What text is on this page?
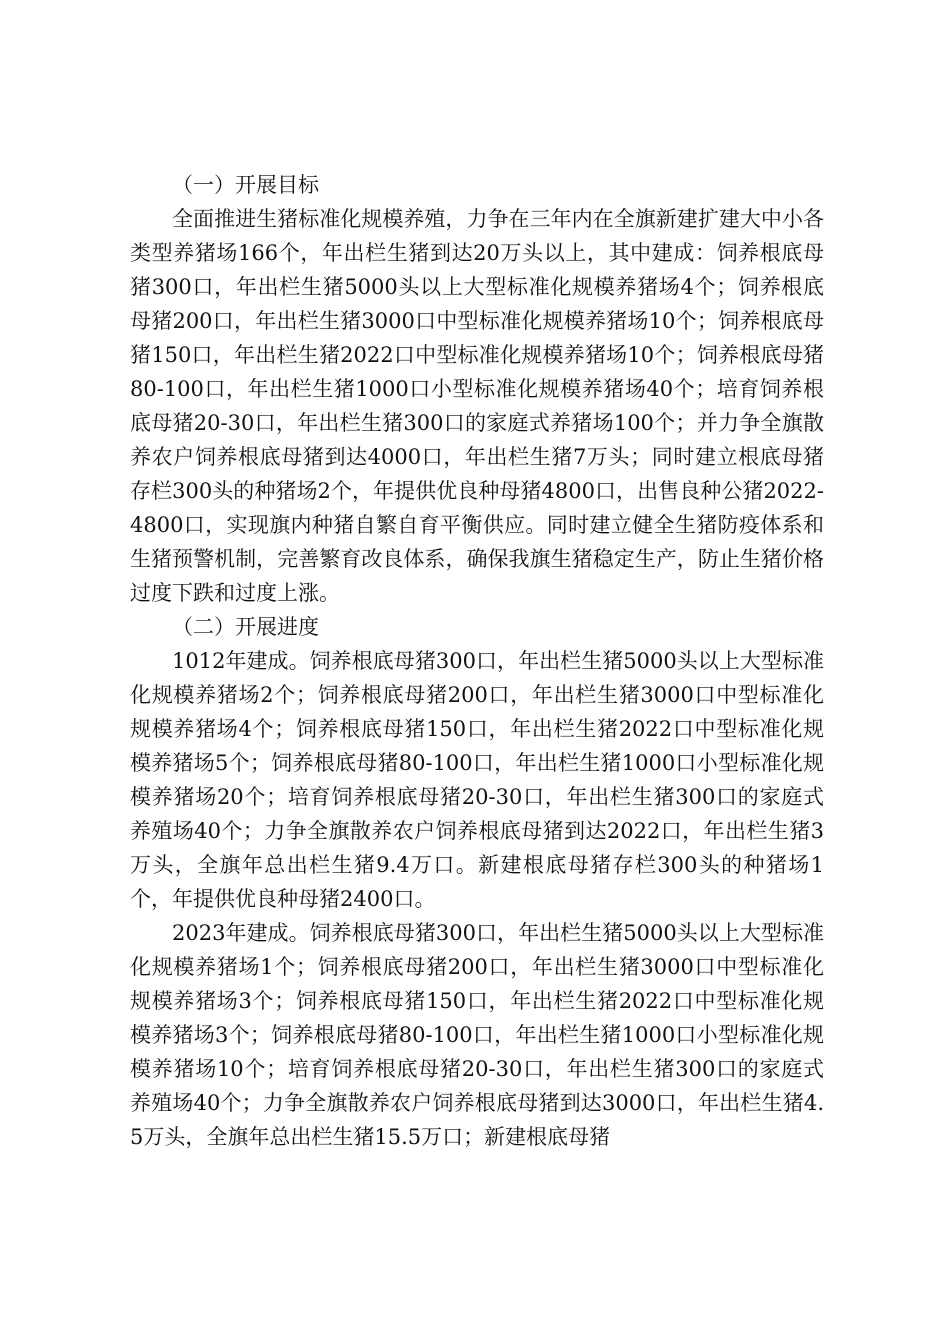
（一）开展目标

全面推进生猪标准化规模养殖，力争在三年内在全旗新建扩建大中小各类型养猪场166个，年出栏生猪到达20万头以上，其中建成：饲养根底母猪300口，年出栏生猪5000头以上大型标准化规模养猪场4个；饲养根底母猪200口，年出栏生猪3000口中型标准化规模养猪场10个；饲养根底母猪150口，年出栏生猪2022口中型标准化规模养猪场10个；饲养根底母猪80-100口，年出栏生猪1000口小型标准化规模养猪场40个；培育饲养根底母猪20-30口，年出栏生猪300口的家庭式养猪场100个；并力争全旗散养农户饲养根底母猪到达4000口，年出栏生猪7万头；同时建立根底母猪存栏300头的种猪场2个，年提供优良种母猪4800口，出售良种公猪2022-4800口，实现旗内种猪自繁自育平衡供应。同时建立健全生猪防疫体系和生猪预警机制，完善繁育改良体系，确保我旗生猪稳定生产，防止生猪价格过度下跌和过度上涨。

（二）开展进度

1012年建成。饲养根底母猪300口，年出栏生猪5000头以上大型标准化规模养猪场2个；饲养根底母猪200口，年出栏生猪3000口中型标准化规模养猪场4个；饲养根底母猪150口，年出栏生猪2022口中型标准化规模养猪场5个；饲养根底母猪80-100口，年出栏生猪1000口小型标准化规模养猪场20个；培育饲养根底母猪20-30口，年出栏生猪300口的家庭式养殖场40个；力争全旗散养农户饲养根底母猪到达2022口，年出栏生猪3万头，全旗年总出栏生猪9.4万口。新建根底母猪存栏300头的种猪场1个，年提供优良种母猪2400口。

2023年建成。饲养根底母猪300口，年出栏生猪5000头以上大型标准化规模养猪场1个；饲养根底母猪200口，年出栏生猪3000口中型标准化规模养猪场3个；饲养根底母猪150口，年出栏生猪2022口中型标准化规模养猪场3个；饲养根底母猪80-100口，年出栏生猪1000口小型标准化规模养猪场10个；培育饲养根底母猪20-30口，年出栏生猪300口的家庭式养殖场40个；力争全旗散养农户饲养根底母猪到达3000口，年出栏生猪4.5万头，全旗年总出栏生猪15.5万口；新建根底母猪
